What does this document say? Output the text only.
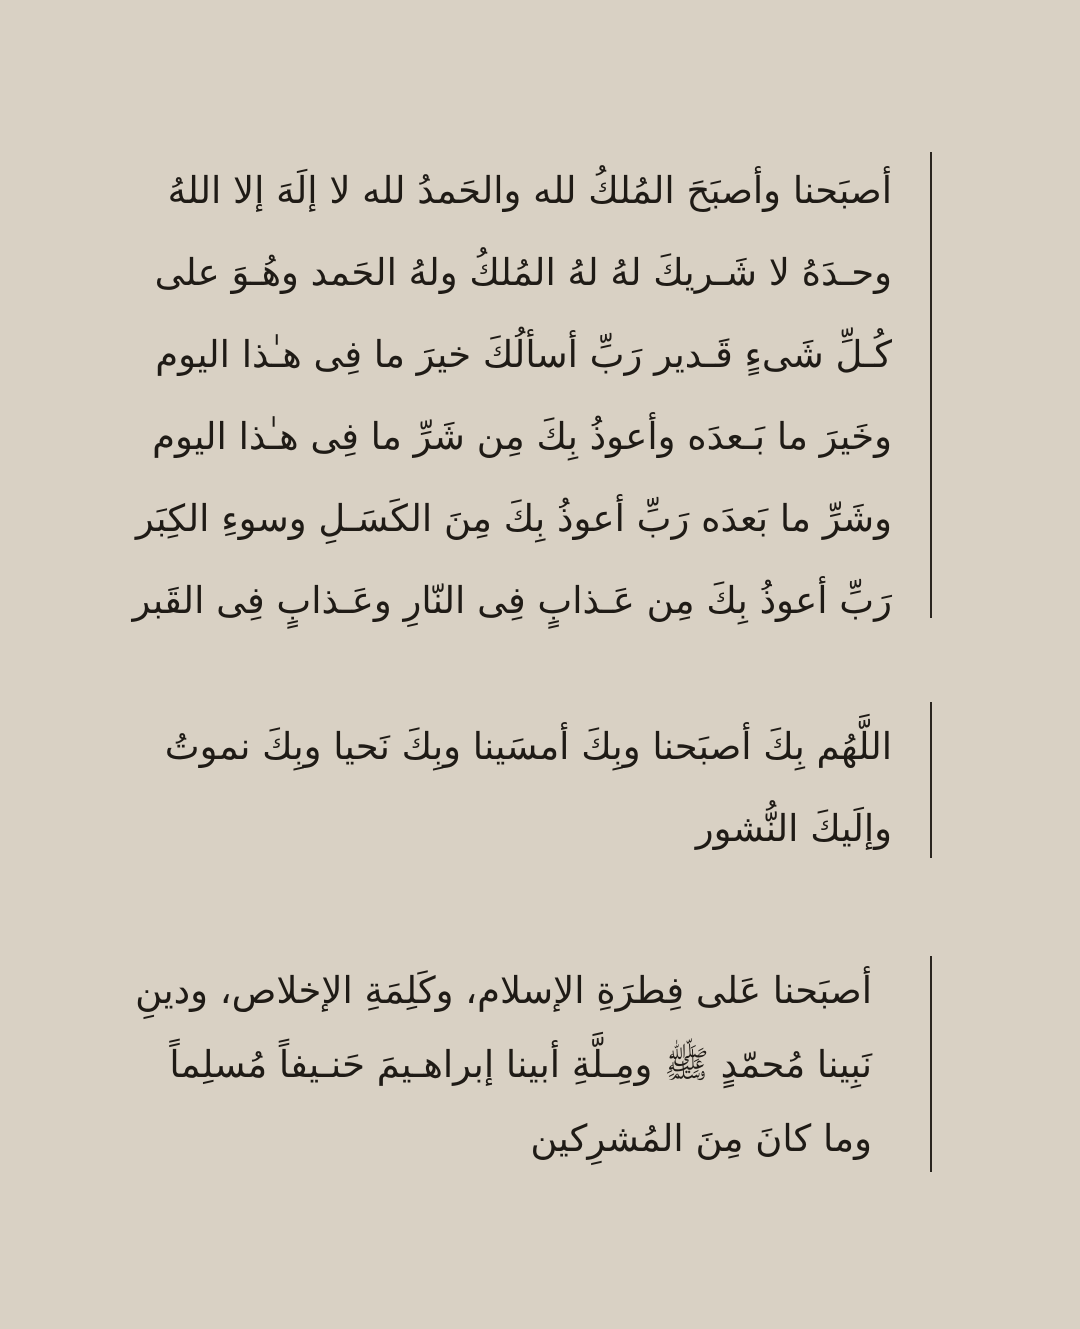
أصبَحنا وأصبَحَ المُلكُ لله والحَمدُ لله لا إلَهَ إلا اللهُ
وحـدَهُ لا شَـريكَ لهُ لهُ المُلكُ ولهُ الحَمد وهُـوَ على
كُـلِّ شَىءٍ قَـدير رَبِّ أسألُكَ خيرَ ما فِى هـٰذا اليوم
وخَيرَ ما بَـعدَه وأعوذُ بِكَ مِن شَرِّ ما فِى هـٰذا اليوم
وشَرِّ ما بَعدَه رَبِّ أعوذُ بِكَ مِنَ الكَسَـلِ وسوءِ الكِبَر
رَبِّ أعوذُ بِكَ مِن عَـذابٍ فِى النّارِ وعَـذابٍ فِى القَبر
اللَّهُم بِكَ أصبَحنا وبِكَ أمسَينا وبِكَ نَحيا وبِكَ نموتُ
وإلَيكَ النُّشور
أصبَحنا عَلى فِطرَةِ الإسلام، وكَلِمَةِ الإخلاص، ودينِ
نَبِينا مُحمّدٍ ﷺ ومِـلَّةِ أبينا إبراهـيمَ حَنـيفاً مُسلِماً
وما كانَ مِنَ المُشرِكين
